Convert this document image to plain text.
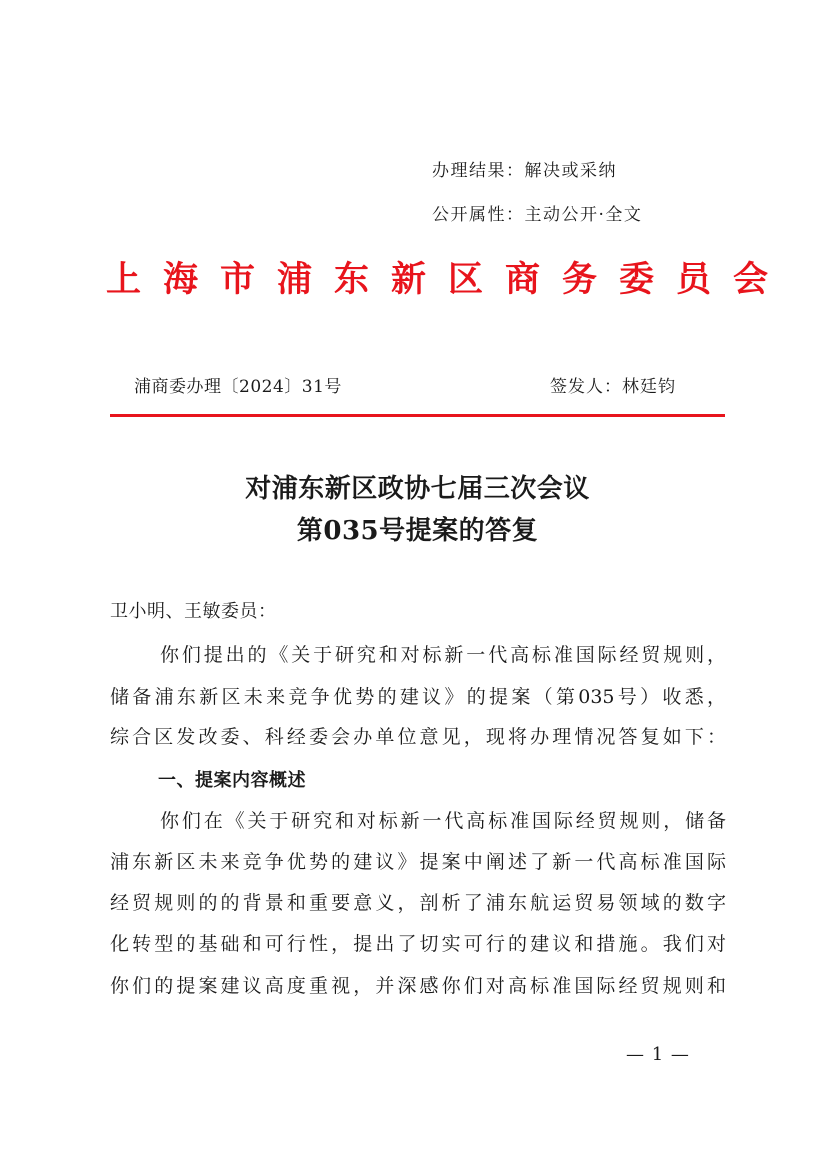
办理结果：解决或采纳
公开属性：主动公开·全文
上海市浦东新区商务委员会
浦商委办理〔2024〕31号	签发人：林廷钧
对浦东新区政协七届三次会议
第035号提案的答复
卫小明、王敏委员：
你们提出的《关于研究和对标新一代高标准国际经贸规则，
储备浦东新区未来竞争优势的建议》的提案（第035号）收悉，
综合区发改委、科经委会办单位意见，现将办理情况答复如下：
一、提案内容概述
你们在《关于研究和对标新一代高标准国际经贸规则，储备
浦东新区未来竞争优势的建议》提案中阐述了新一代高标准国际
经贸规则的的背景和重要意义，剖析了浦东航运贸易领域的数字
化转型的基础和可行性，提出了切实可行的建议和措施。我们对
你们的提案建议高度重视，并深感你们对高标准国际经贸规则和
— 1 —
